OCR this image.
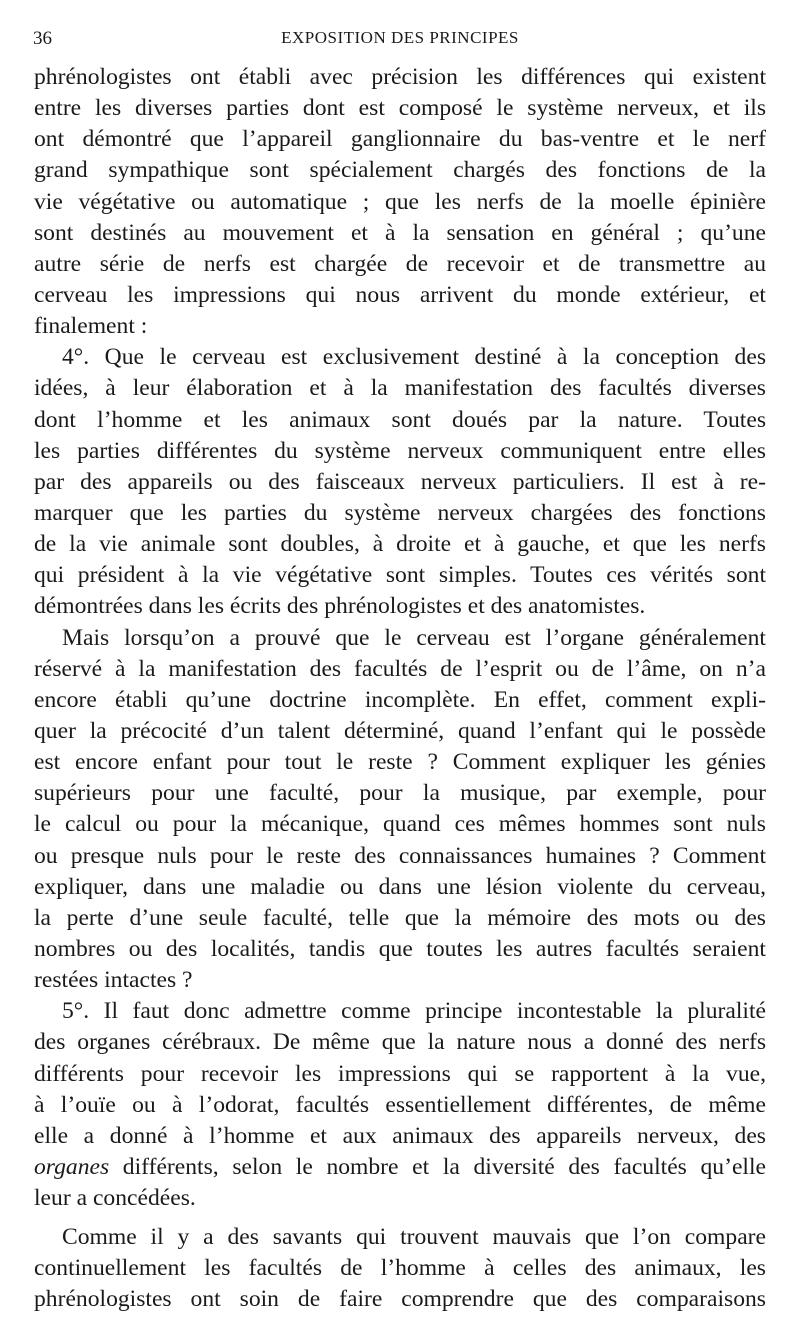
36	EXPOSITION DES PRINCIPES
phrénologistes ont établi avec précision les différences qui existent
entre les diverses parties dont est composé le système nerveux, et ils
ont démontré que l’appareil ganglionnaire du bas-ventre et le nerf
grand sympathique sont spécialement chargés des fonctions de la
vie végétative ou automatique ; que les nerfs de la moelle épinière
sont destinés au mouvement et à la sensation en général ; qu’une
autre série de nerfs est chargée de recevoir et de transmettre au
cerveau les impressions qui nous arrivent du monde extérieur, et
finalement :
4°. Que le cerveau est exclusivement destiné à la conception des
idées, à leur élaboration et à la manifestation des facultés diverses
dont l’homme et les animaux sont doués par la nature. Toutes
les parties différentes du système nerveux communiquent entre elles
par des appareils ou des faisceaux nerveux particuliers. Il est à re-
marquer que les parties du système nerveux chargées des fonctions
de la vie animale sont doubles, à droite et à gauche, et que les nerfs
qui président à la vie végétative sont simples. Toutes ces vérités sont
démontrées dans les écrits des phrénologistes et des anatomistes.
Mais lorsqu’on a prouvé que le cerveau est l’organe généralement
réservé à la manifestation des facultés de l’esprit ou de l’âme, on n’a
encore établi qu’une doctrine incomplète. En effet, comment expli-
quer la précocité d’un talent déterminé, quand l’enfant qui le possède
est encore enfant pour tout le reste ? Comment expliquer les génies
supérieurs pour une faculté, pour la musique, par exemple, pour
le calcul ou pour la mécanique, quand ces mêmes hommes sont nuls
ou presque nuls pour le reste des connaissances humaines ? Comment
expliquer, dans une maladie ou dans une lésion violente du cerveau,
la perte d’une seule faculté, telle que la mémoire des mots ou des
nombres ou des localités, tandis que toutes les autres facultés seraient
restées intactes ?
5°. Il faut donc admettre comme principe incontestable la pluralité
des organes cérébraux. De même que la nature nous a donné des nerfs
différents pour recevoir les impressions qui se rapportent à la vue,
à l’ouïe ou à l’odorat, facultés essentiellement différentes, de même
elle a donné à l’homme et aux animaux des appareils nerveux, des
organes différents, selon le nombre et la diversité des facultés qu’elle
leur a concédées.
Comme il y a des savants qui trouvent mauvais que l’on compare
continuellement les facultés de l’homme à celles des animaux, les
phrénologistes ont soin de faire comprendre que des comparaisons
